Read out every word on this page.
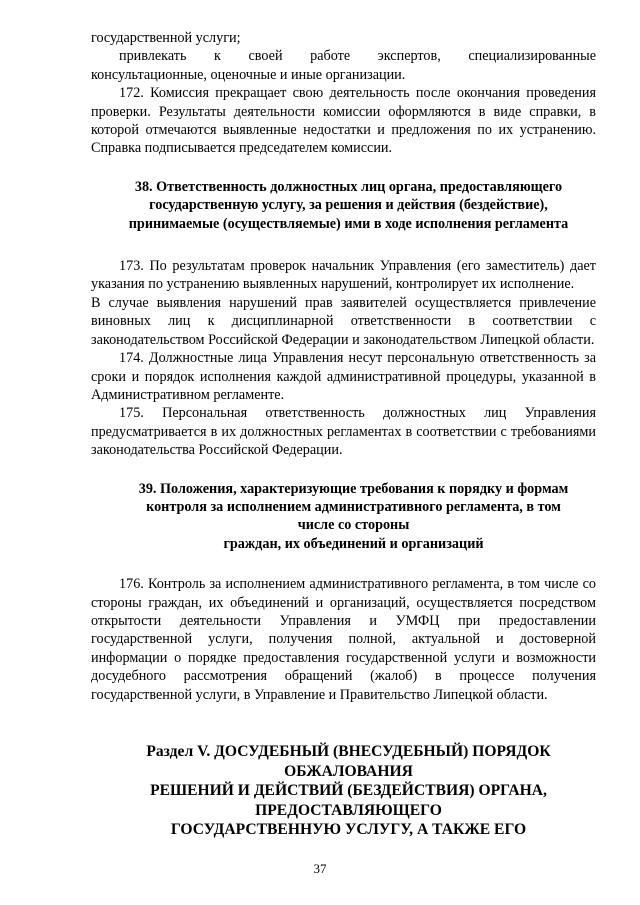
государственной услуги;

привлекать к своей работе экспертов, специализированные

консультационные, оценочные и иные организации.

172. Комиссия прекращает свою деятельность после окончания проведения проверки. Результаты деятельности комиссии оформляются в виде справки, в которой отмечаются выявленные недостатки и предложения по их устранению. Справка подписывается председателем комиссии.

38. Ответственность должностных лиц органа, предоставляющего государственную услугу, за решения и действия (бездействие), принимаемые (осуществляемые) ими в ходе исполнения регламента

173. По результатам проверок начальник Управления (его заместитель) дает указания по устранению выявленных нарушений, контролирует их исполнение.

В случае выявления нарушений прав заявителей осуществляется привлечение виновных лиц к дисциплинарной ответственности в соответствии с законодательством Российской Федерации и законодательством Липецкой области.

174. Должностные лица Управления несут персональную ответственность за сроки и порядок исполнения каждой административной процедуры, указанной в Административном регламенте.

175. Персональная ответственность должностных лиц Управления предусматривается в их должностных регламентах в соответствии с требованиями законодательства Российской Федерации.

39. Положения, характеризующие требования к порядку и формам
контроля за исполнением административного регламента, в том
числе со стороны
граждан, их объединений и организаций

176. Контроль за исполнением административного регламента, в том числе со стороны граждан, их объединений и организаций, осуществляется посредством открытости деятельности Управления и УМФЦ при предоставлении государственной услуги, получения полной, актуальной и достоверной информации о порядке предоставления государственной услуги и возможности досудебного рассмотрения обращений (жалоб) в процессе получения государственной услуги, в Управление и Правительство Липецкой области.

Раздел V. ДОСУДЕБНЫЙ (ВНЕСУДЕБНЫЙ) ПОРЯДОК
ОБЖАЛОВАНИЯ
РЕШЕНИЙ И ДЕЙСТВИЙ (БЕЗДЕЙСТВИЯ) ОРГАНА,
ПРЕДОСТАВЛЯЮЩЕГО
ГОСУДАРСТВЕННУЮ УСЛУГУ, А ТАКЖЕ ЕГО

37
